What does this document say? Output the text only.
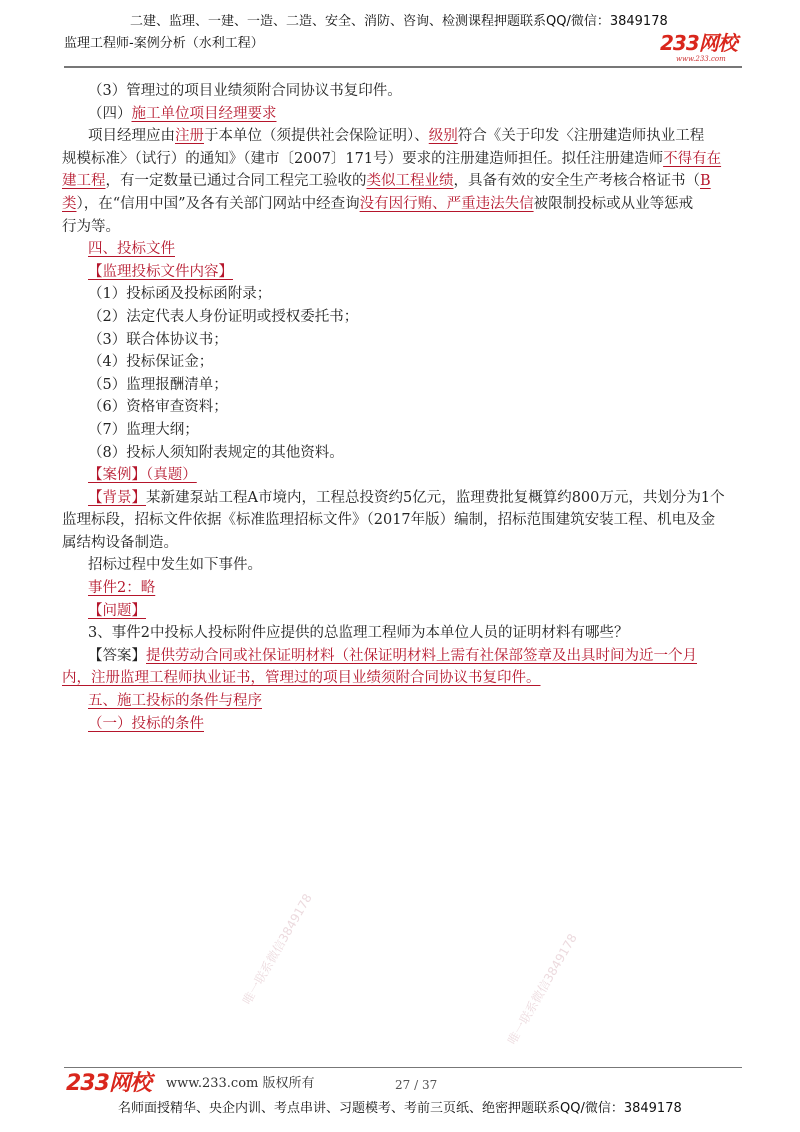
二建、监理、一建、一造、二造、安全、消防、咨询、检测课程押题联系QQ/微信：3849178
监理工程师-案例分析（水利工程）	233网校
www.233.com
（3）管理过的项目业绩须附合同协议书复印件。
（四）施工单位项目经理要求
项目经理应由注册于本单位（须提供社会保险证明）、级别符合《关于印发〈注册建造师执业工程
规模标准〉（试行）的通知》（建市〔2007〕171号）要求的注册建造师担任。拟任注册建造师不得有在
建工程，有一定数量已通过合同工程完工验收的类似工程业绩，具备有效的安全生产考核合格证书（B
类），在“信用中国”及各有关部门网站中经查询没有因行贿、严重违法失信被限制投标或从业等惩戒
行为等。
四、投标文件
【监理投标文件内容】
（1）投标函及投标函附录；
（2）法定代表人身份证明或授权委托书；
（3）联合体协议书；
（4）投标保证金；
（5）监理报酬清单；
（6）资格审查资料；
（7）监理大纲；
（8）投标人须知附表规定的其他资料。
【案例】（真题）
【背景】某新建泵站工程A市境内，工程总投资约5亿元，监理费批复概算约800万元，共划分为1个
监理标段，招标文件依据《标准监理招标文件》（2017年版）编制，招标范围建筑安装工程、机电及金
属结构设备制造。
招标过程中发生如下事件。
事件2：略
【问题】
3、事件2中投标人投标附件应提供的总监理工程师为本单位人员的证明材料有哪些？
【答案】提供劳动合同或社保证明材料（社保证明材料上需有社保部签章及出具时间为近一个月
内，注册监理工程师执业证书，管理过的项目业绩须附合同协议书复印件。
五、施工投标的条件与程序
（一）投标的条件
唯一联系微信3849178	唯一联系微信3849178
233网校 www.233.com 版权所有	27 / 37
名师面授精华、央企内训、考点串讲、习题模考、考前三页纸、绝密押题联系QQ/微信：3849178
